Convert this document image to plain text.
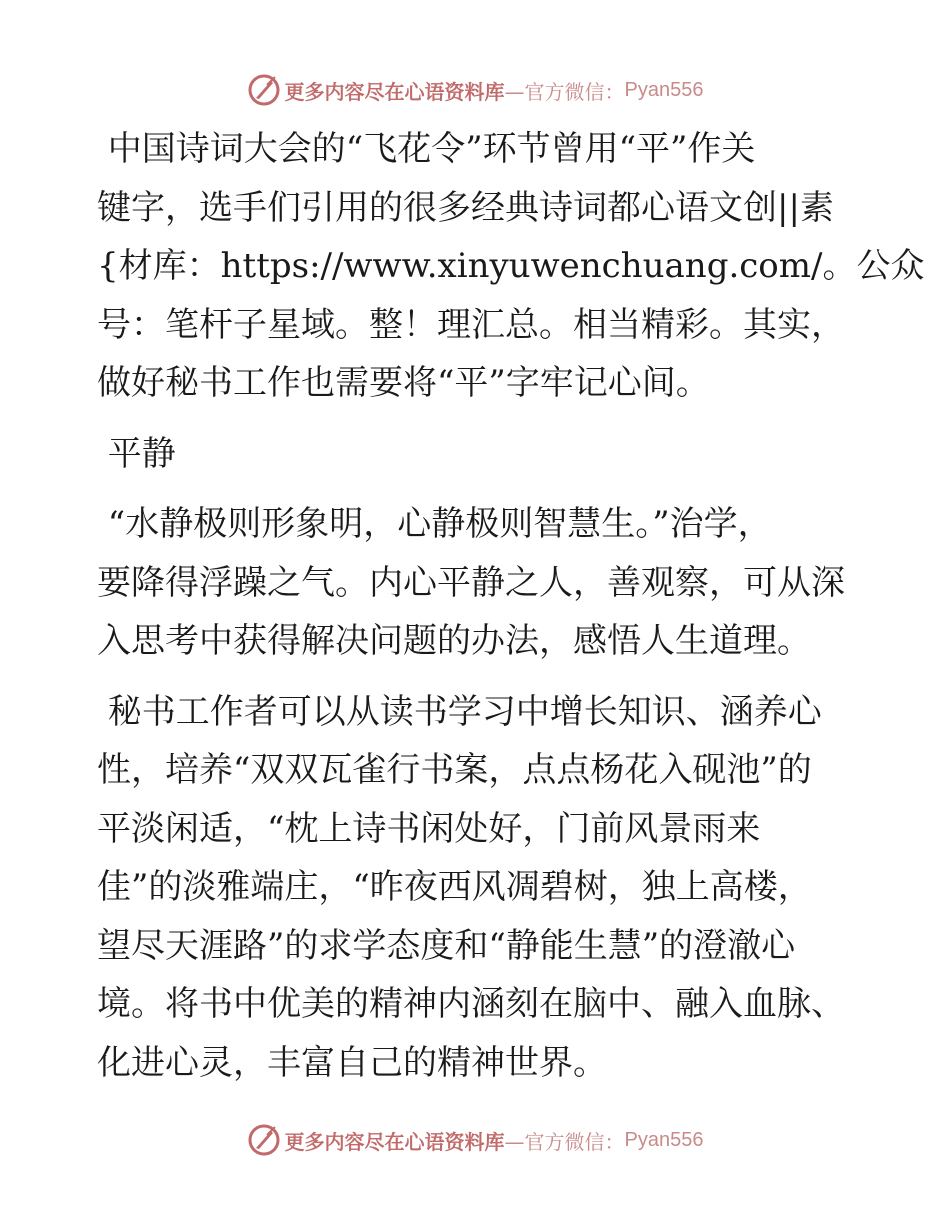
更多内容尽在心语资料库 —官方微信： Pyan556
中国诗词大会的“飞花令”环节曾用“平”作关
键字，选手们引用的很多经典诗词都心语文创||素
{材库：https://www.xinyuwenchuang.com/。公众
号：笔杆子星域。整！理汇总。相当精彩。其实，
做好秘书工作也需要将“平”字牢记心间。
平静
“水静极则形象明，心静极则智慧生。”治学，
要降得浮躁之气。内心平静之人，善观察，可从深
入思考中获得解决问题的办法，感悟人生道理。
秘书工作者可以从读书学习中增长知识、涵养心
性，培养“双双瓦雀行书案，点点杨花入砚池”的
平淡闲适，“枕上诗书闲处好，门前风景雨来
佳”的淡雅端庄，“昨夜西风凋碧树，独上高楼，
望尽天涯路”的求学态度和“静能生慧”的澄澈心
境。将书中优美的精神内涵刻在脑中、融入血脉、
化进心灵，丰富自己的精神世界。
更多内容尽在心语资料库 —官方微信： Pyan556
